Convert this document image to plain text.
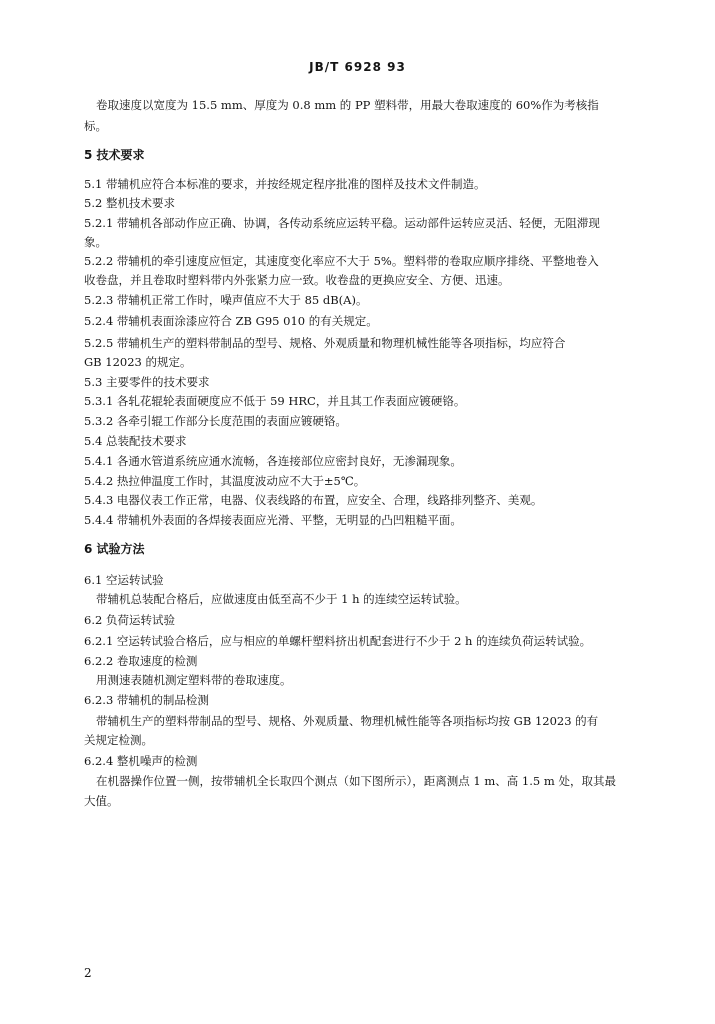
JB/T 6928 93
卷取速度以宽度为 15.5 mm、厚度为 0.8 mm 的 PP 塑料带，用最大卷取速度的 60%作为考核指
标。
5 技术要求
5.1 带辅机应符合本标准的要求，并按经规定程序批准的图样及技术文件制造。
5.2 整机技术要求
5.2.1 带辅机各部动作应正确、协调，各传动系统应运转平稳。运动部件运转应灵活、轻便，无阻滞现
象。
5.2.2 带辅机的牵引速度应恒定，其速度变化率应不大于 5%。塑料带的卷取应顺序排绕、平整地卷入
收卷盘，并且卷取时塑料带内外张紧力应一致。收卷盘的更换应安全、方便、迅速。
5.2.3 带辅机正常工作时，噪声值应不大于 85 dB(A)。
5.2.4 带辅机表面涂漆应符合 ZB G95 010 的有关规定。
5.2.5 带辅机生产的塑料带制品的型号、规格、外观质量和物理机械性能等各项指标，均应符合
GB 12023 的规定。
5.3 主要零件的技术要求
5.3.1 各轧花辊轮表面硬度应不低于 59 HRC，并且其工作表面应镀硬铬。
5.3.2 各牵引辊工作部分长度范围的表面应镀硬铬。
5.4 总装配技术要求
5.4.1 各通水管道系统应通水流畅，各连接部位应密封良好，无渗漏现象。
5.4.2 热拉伸温度工作时，其温度波动应不大于±5℃。
5.4.3 电器仪表工作正常，电器、仪表线路的布置，应安全、合理，线路排列整齐、美观。
5.4.4 带辅机外表面的各焊接表面应光滑、平整，无明显的凸凹粗糙平面。
6 试验方法
6.1 空运转试验
带辅机总装配合格后，应做速度由低至高不少于 1 h 的连续空运转试验。
6.2 负荷运转试验
6.2.1 空运转试验合格后，应与相应的单螺杆塑料挤出机配套进行不少于 2 h 的连续负荷运转试验。
6.2.2 卷取速度的检测
用测速表随机测定塑料带的卷取速度。
6.2.3 带辅机的制品检测
带辅机生产的塑料带制品的型号、规格、外观质量、物理机械性能等各项指标均按 GB 12023 的有
关规定检测。
6.2.4 整机噪声的检测
在机器操作位置一侧，按带辅机全长取四个测点（如下图所示），距离测点 1 m、高 1.5 m 处，取其最
大值。
2
